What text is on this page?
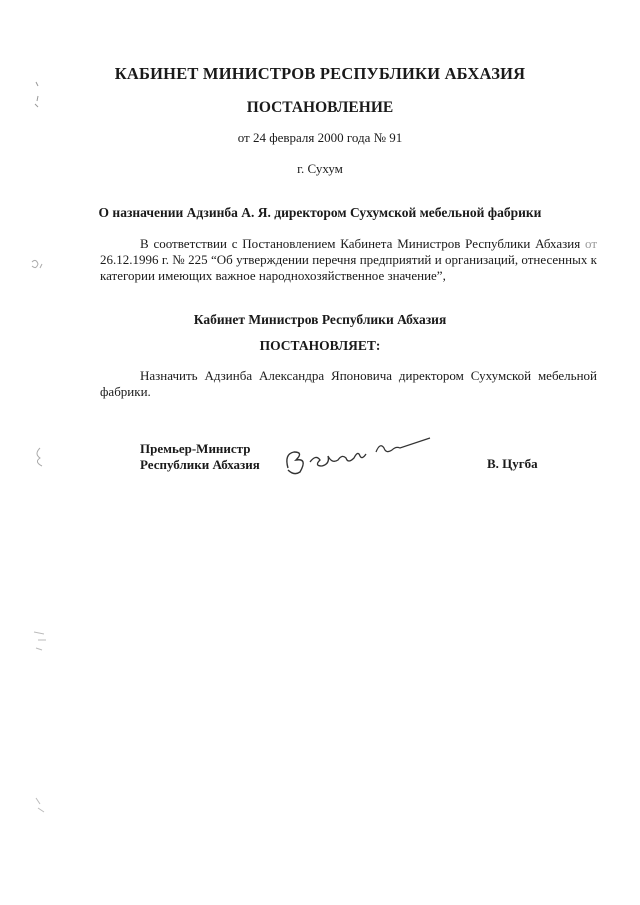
КАБИНЕТ МИНИСТРОВ РЕСПУБЛИКИ АБХАЗИЯ
ПОСТАНОВЛЕНИЕ
от 24 февраля 2000 года № 91
г. Сухум
О назначении Адзинба А. Я. директором Сухумской мебельной фабрики
В соответствии с Постановлением Кабинета Министров Республики Абхазия от 26.12.1996 г. № 225 “Об утверждении перечня предприятий и организаций, отнесенных к категории имеющих важное народнохозяйственное значение”,
Кабинет Министров Республики Абхазия
ПОСТАНОВЛЯЕТ:
Назначить Адзинба Александра Японовича директором Сухумской мебельной фабрики.
Премьер-Министр
Республики Абхазия	В. Цугба
